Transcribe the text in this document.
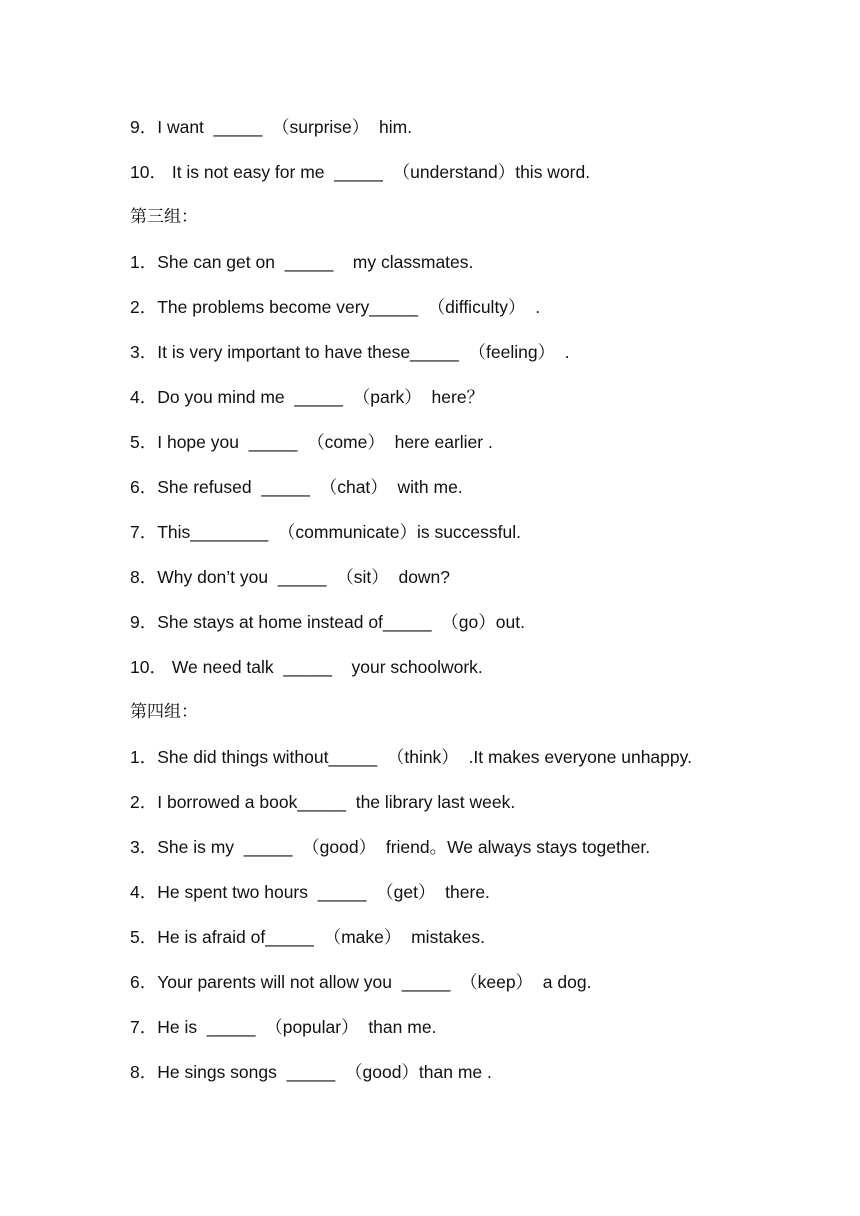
9．I want  _____  （surprise）  him.
10． It is not easy for me  _____  （understand）this word.
第三组：
1．She can get on  _____    my classmates.
2．The problems become very_____  （difficulty）  .
3．It is very important to have these_____  （feeling）  .
4．Do you mind me  _____  （park）  here？
5．I hope you  _____  （come）  here earlier .
6．She refused  _____  （chat）  with me.
7．This________  （communicate）is successful.
8．Why don’t you  _____  （sit）  down?
9．She stays at home instead of_____  （go）out.
10． We need talk  _____    your schoolwork.
第四组：
1．She did things without_____  （think）  .It makes everyone unhappy.
2．I borrowed a book_____  the library last week.
3．She is my  _____  （good）  friend。We always stays together.
4．He spent two hours  _____  （get）  there.
5．He is afraid of_____  （make）  mistakes.
6．Your parents will not allow you  _____  （keep）  a dog.
7．He is  _____  （popular）  than me.
8．He sings songs  _____  （good）than me .
